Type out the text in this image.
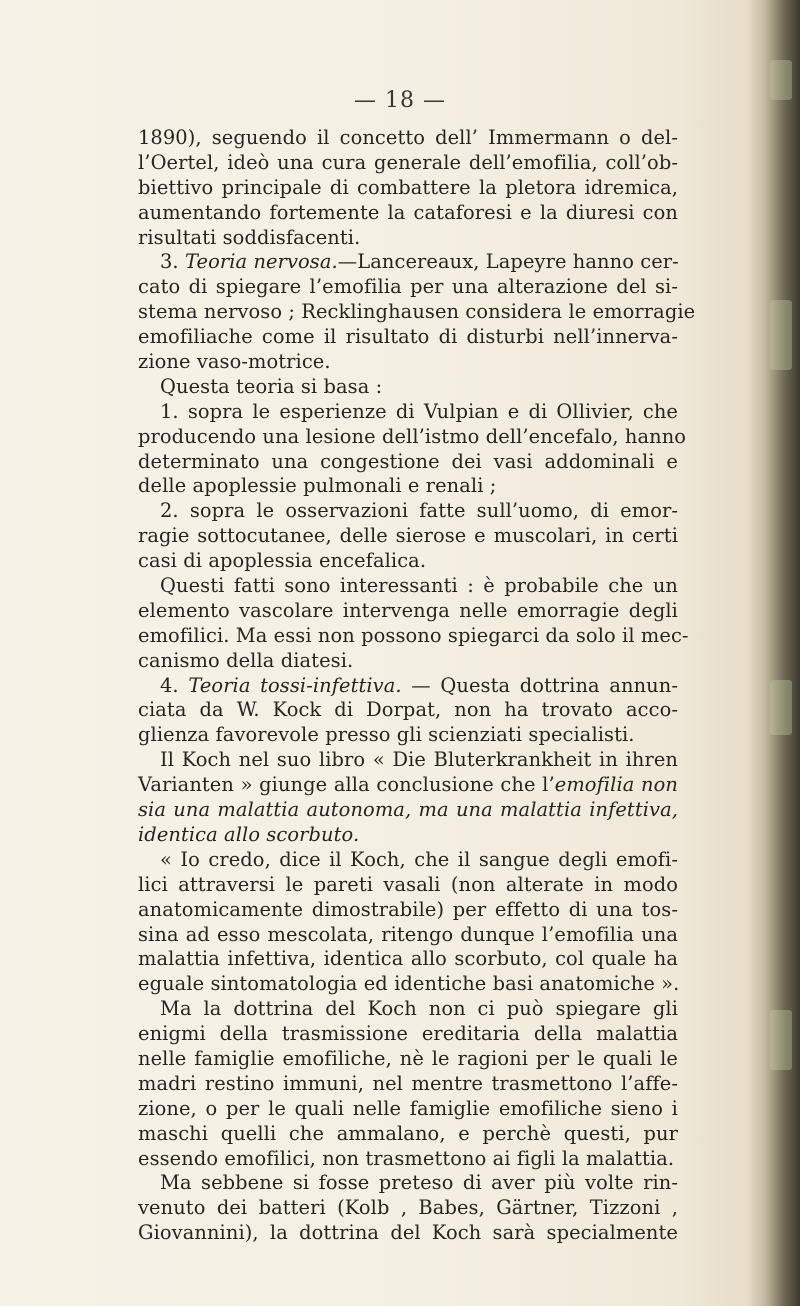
— 18 —
1890), seguendo il concetto dell’ Immermann o del-
l’Oertel, ideò una cura generale dell’emofilia, coll’ob-
biettivo principale di combattere la pletora idremica,
aumentando fortemente la cataforesi e la diuresi con
risultati soddisfacenti.
3. Teoria nervosa.—Lancereaux, Lapeyre hanno cer-
cato di spiegare l’emofilia per una alterazione del si-
stema nervoso ; Recklinghausen considera le emorragie
emofiliache come il risultato di disturbi nell’innerva-
zione vaso-motrice.
Questa teoria si basa :
1. sopra le esperienze di Vulpian e di Ollivier, che
producendo una lesione dell’istmo dell’encefalo, hanno
determinato una congestione dei vasi addominali e
delle apoplessie pulmonali e renali ;
2. sopra le osservazioni fatte sull’uomo, di emor-
ragie sottocutanee, delle sierose e muscolari, in certi
casi di apoplessia encefalica.
Questi fatti sono interessanti : è probabile che un
elemento vascolare intervenga nelle emorragie degli
emofilici. Ma essi non possono spiegarci da solo il mec-
canismo della diatesi.
4. Teoria tossi-infettiva. — Questa dottrina annun-
ciata da W. Kock di Dorpat, non ha trovato acco-
glienza favorevole presso gli scienziati specialisti.
Il Koch nel suo libro « Die Bluterkrankheit in ihren
Varianten » giunge alla conclusione che l’emofilia non
sia una malattia autonoma, ma una malattia infettiva,
identica allo scorbuto.
« Io credo, dice il Koch, che il sangue degli emofi-
lici attraversi le pareti vasali (non alterate in modo
anatomicamente dimostrabile) per effetto di una tos-
sina ad esso mescolata, ritengo dunque l’emofilia una
malattia infettiva, identica allo scorbuto, col quale ha
eguale sintomatologia ed identiche basi anatomiche ».
Ma la dottrina del Koch non ci può spiegare gli
enigmi della trasmissione ereditaria della malattia
nelle famiglie emofiliche, nè le ragioni per le quali le
madri restino immuni, nel mentre trasmettono l’affe-
zione, o per le quali nelle famiglie emofiliche sieno i
maschi quelli che ammalano, e perchè questi, pur
essendo emofilici, non trasmettono ai figli la malattia.
Ma sebbene si fosse preteso di aver più volte rin-
venuto dei batteri (Kolb , Babes, Gärtner, Tizzoni ,
Giovannini), la dottrina del Koch sarà specialmente
